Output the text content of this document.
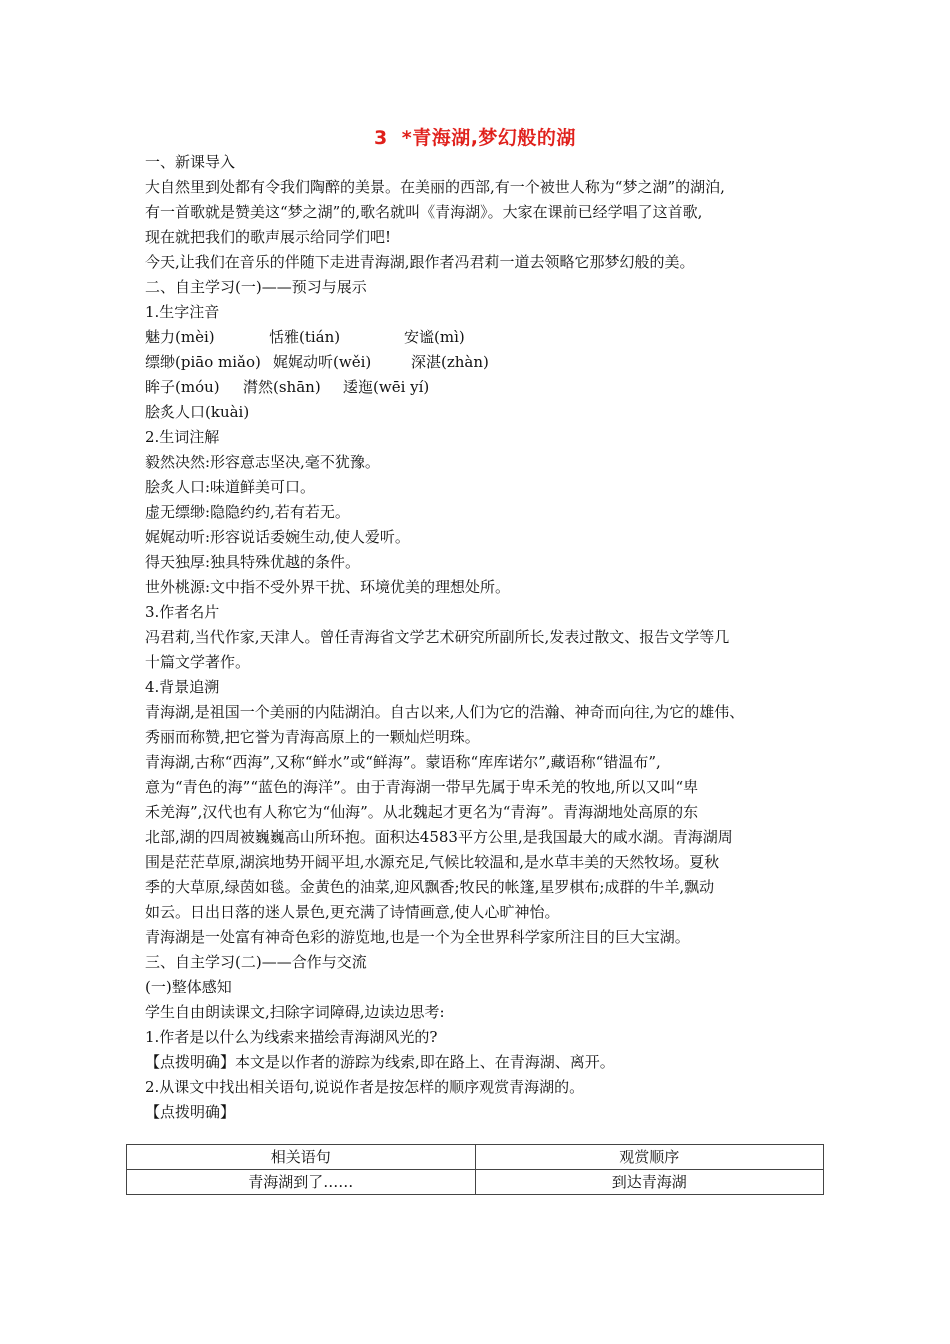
3 *青海湖,梦幻般的湖
一、新课导入
大自然里到处都有令我们陶醉的美景。在美丽的西部,有一个被世人称为“梦之湖”的湖泊,
有一首歌就是赞美这“梦之湖”的,歌名就叫《青海湖》。大家在课前已经学唱了这首歌,
现在就把我们的歌声展示给同学们吧!
今天,让我们在音乐的伴随下走进青海湖,跟作者冯君莉一道去领略它那梦幻般的美。
二、自主学习(一)——预习与展示
1.生字注音
魅力(mèi)	恬雅(tián)	安谧(mì)
缥缈(piāo miǎo) 娓娓动听(wěi)	深湛(zhàn)
眸子(móu) 潸然(shān) 逶迤(wēi yí)
脍炙人口(kuài)
2.生词注解
毅然决然:形容意志坚决,毫不犹豫。
脍炙人口:味道鲜美可口。
虚无缥缈:隐隐约约,若有若无。
娓娓动听:形容说话委婉生动,使人爱听。
得天独厚:独具特殊优越的条件。
世外桃源:文中指不受外界干扰、环境优美的理想处所。
3.作者名片
冯君莉,当代作家,天津人。曾任青海省文学艺术研究所副所长,发表过散文、报告文学等几
十篇文学著作。
4.背景追溯
青海湖,是祖国一个美丽的内陆湖泊。自古以来,人们为它的浩瀚、神奇而向往,为它的雄伟、
秀丽而称赞,把它誉为青海高原上的一颗灿烂明珠。
青海湖,古称“西海”,又称“鲜水”或“鲜海”。蒙语称“库库诺尔”,藏语称“错温布”,
意为“青色的海”“蓝色的海洋”。由于青海湖一带早先属于卑禾羌的牧地,所以又叫“卑
禾羌海”,汉代也有人称它为“仙海”。从北魏起才更名为“青海”。青海湖地处高原的东
北部,湖的四周被巍巍高山所环抱。面积达4583平方公里,是我国最大的咸水湖。青海湖周
围是茫茫草原,湖滨地势开阔平坦,水源充足,气候比较温和,是水草丰美的天然牧场。夏秋
季的大草原,绿茵如毯。金黄色的油菜,迎风飘香;牧民的帐篷,星罗棋布;成群的牛羊,飘动
如云。日出日落的迷人景色,更充满了诗情画意,使人心旷神怡。
青海湖是一处富有神奇色彩的游览地,也是一个为全世界科学家所注目的巨大宝湖。
三、自主学习(二)——合作与交流
(一)整体感知
学生自由朗读课文,扫除字词障碍,边读边思考:
1.作者是以什么为线索来描绘青海湖风光的?
【点拨明确】本文是以作者的游踪为线索,即在路上、在青海湖、离开。
2.从课文中找出相关语句,说说作者是按怎样的顺序观赏青海湖的。
【点拨明确】
相关语句	观赏顺序
青海湖到了……	到达青海湖
